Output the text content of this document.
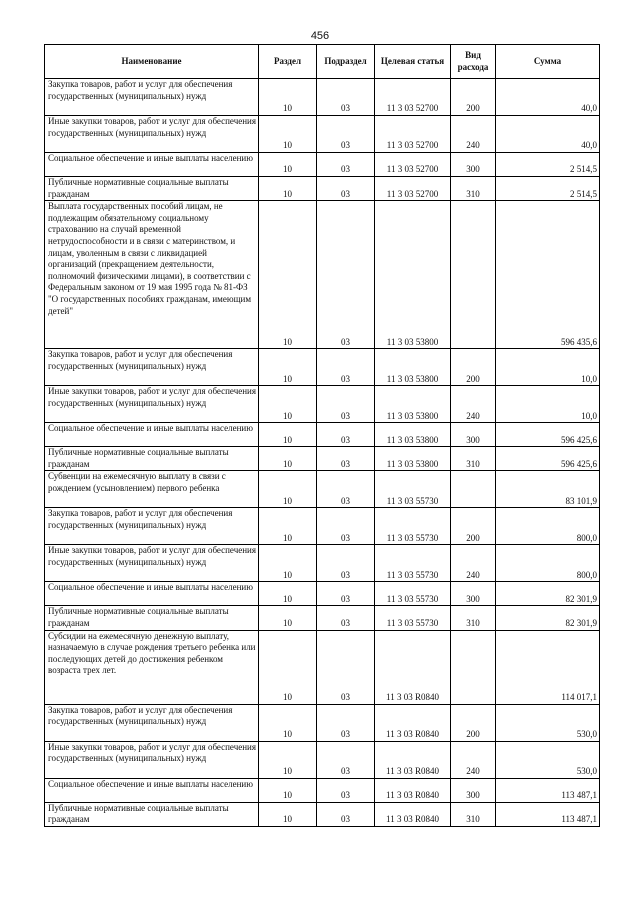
456
Наименование	Раздел	Подраздел	Целевая статья	Вид расхода	Сумма
Закупка товаров, работ и услуг для обеспечения государственных (муниципальных) нужд	10	03	11 3 03 52700	200	40,0
Иные закупки товаров, работ и услуг для обеспечения государственных (муниципальных) нужд	10	03	11 3 03 52700	240	40,0
Социальное обеспечение и иные выплаты населению	10	03	11 3 03 52700	300	2 514,5
Публичные нормативные социальные выплаты гражданам	10	03	11 3 03 52700	310	2 514,5
Выплата государственных пособий лицам, не подлежащим обязательному социальному страхованию на случай временной нетрудоспособности и в связи с материнством, и лицам, уволенным в связи с ликвидацией организаций (прекращением деятельности, полномочий физическими лицами), в соответствии с Федеральным законом от 19 мая 1995 года № 81-ФЗ "О государственных пособиях гражданам, имеющим детей"	10	03	11 3 03 53800		596 435,6
Закупка товаров, работ и услуг для обеспечения государственных (муниципальных) нужд	10	03	11 3 03 53800	200	10,0
Иные закупки товаров, работ и услуг для обеспечения государственных (муниципальных) нужд	10	03	11 3 03 53800	240	10,0
Социальное обеспечение и иные выплаты населению	10	03	11 3 03 53800	300	596 425,6
Публичные нормативные социальные выплаты гражданам	10	03	11 3 03 53800	310	596 425,6
Субвенции на ежемесячную выплату в связи с рождением (усыновлением) первого ребенка	10	03	11 3 03 55730		83 101,9
Закупка товаров, работ и услуг для обеспечения государственных (муниципальных) нужд	10	03	11 3 03 55730	200	800,0
Иные закупки товаров, работ и услуг для обеспечения государственных (муниципальных) нужд	10	03	11 3 03 55730	240	800,0
Социальное обеспечение и иные выплаты населению	10	03	11 3 03 55730	300	82 301,9
Публичные нормативные социальные выплаты гражданам	10	03	11 3 03 55730	310	82 301,9
Субсидии на ежемесячную денежную выплату, назначаемую в случае рождения третьего ребенка или последующих детей до достижения ребенком возраста трех лет.	10	03	11 3 03 R0840		114 017,1
Закупка товаров, работ и услуг для обеспечения государственных (муниципальных) нужд	10	03	11 3 03 R0840	200	530,0
Иные закупки товаров, работ и услуг для обеспечения государственных (муниципальных) нужд	10	03	11 3 03 R0840	240	530,0
Социальное обеспечение и иные выплаты населению	10	03	11 3 03 R0840	300	113 487,1
Публичные нормативные социальные выплаты гражданам	10	03	11 3 03 R0840	310	113 487,1
